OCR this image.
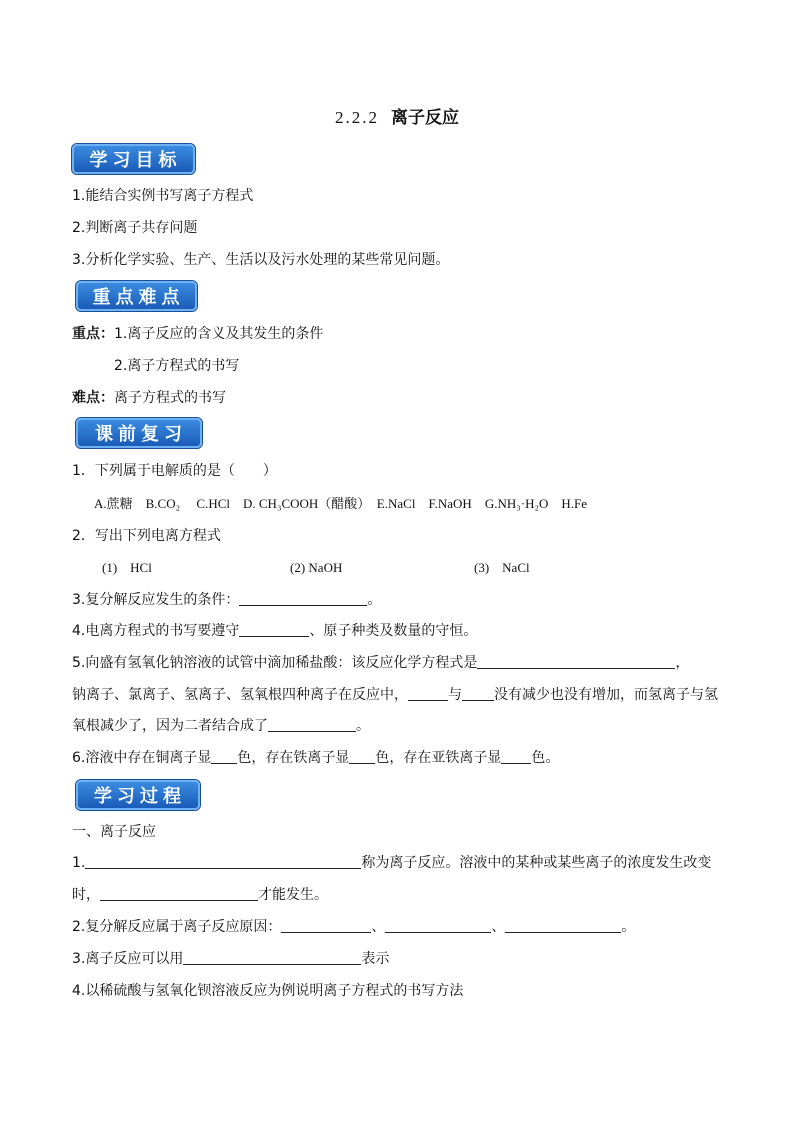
2.2.2 离子反应
学习目标
1.能结合实例书写离子方程式
2.判断离子共存问题
3.分析化学实验、生产、生活以及污水处理的某些常见问题。
重点难点
重点：1.离子反应的含义及其发生的条件
2.离子方程式的书写
难点：离子方程式的书写
课前复习
1．下列属于电解质的是（　　）
A.蔗糖　B.CO₂　 C.HCl　D. CH₃COOH（醋酸）　E.NaCl　F.NaOH　G.NH₃·H₂O　H.Fe
2．写出下列电离方程式
(1)　HCl	(2) NaOH	(3)　NaCl
3.复分解反应发生的条件：	。
4.电离方程式的书写要遵守	、原子种类及数量的守恒。
5.向盛有氢氧化钠溶液的试管中滴加稀盐酸：该反应化学方程式是	，
钠离子、氯离子、氢离子、氢氧根四种离子在反应中，	与 没有减少也没有增加，而氢离子与氢
氧根减少了，因为二者结合成了	。
6.溶液中存在铜离子显 色，存在铁离子显 色，存在亚铁离子显 色。
学习过程
一、离子反应
1.	称为离子反应。溶液中的某种或某些离子的浓度发生改变
时，	才能发生。
2.复分解反应属于离子反应原因：	、	、	。
3.离子反应可以用	表示
4.以稀硫酸与氢氧化钡溶液反应为例说明离子方程式的书写方法
